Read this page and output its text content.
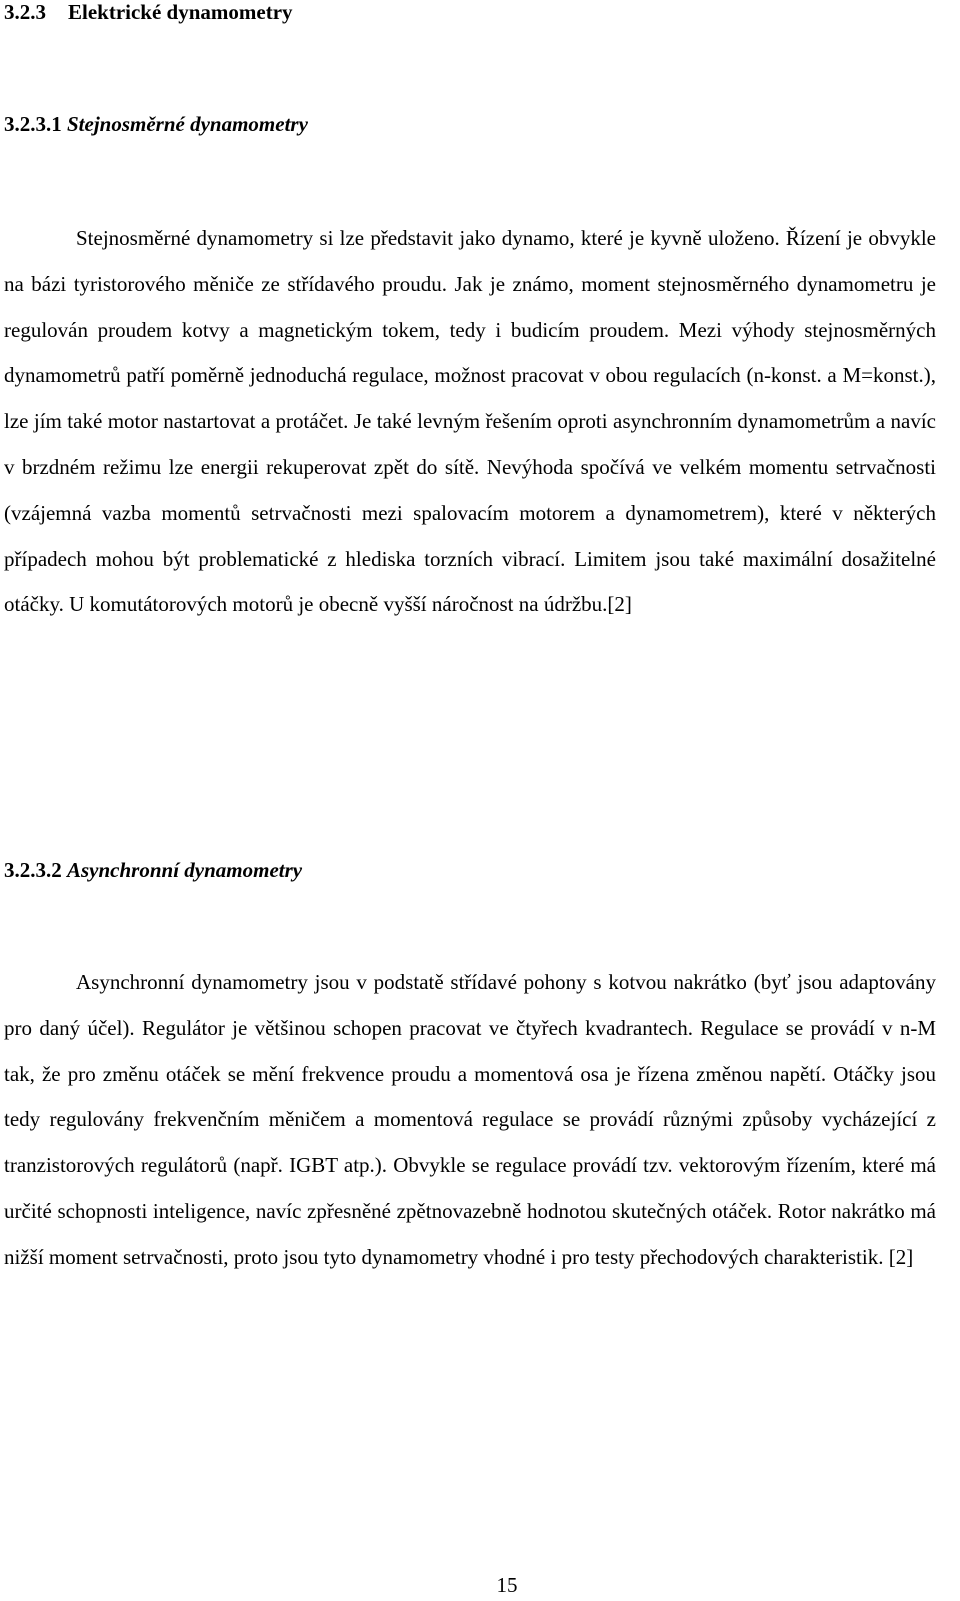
3.2.3 Elektrické dynamometry
3.2.3.1 Stejnosměrné dynamometry

Stejnosměrné dynamometry si lze představit jako dynamo, které je kyvně uloženo. Řízení je obvykle na bázi tyristorového měniče ze střídavého proudu. Jak je známo, moment stejnosměrného dynamometru je regulován proudem kotvy a magnetickým tokem, tedy i budicím proudem. Mezi výhody stejnosměrných dynamometrů patří poměrně jednoduchá regulace, možnost pracovat v obou regulacích (n-konst. a M=konst.), lze jím také motor nastartovat a protáčet. Je také levným řešením oproti asynchronním dynamometrům a navíc v brzdném režimu lze energii rekuperovat zpět do sítě. Nevýhoda spočívá ve velkém momentu setrvačnosti (vzájemná vazba momentů setrvačnosti mezi spalovacím motorem a dynamometrem), které v některých případech mohou být problematické z hlediska torzních vibrací. Limitem jsou také maximální dosažitelné otáčky. U komutátorových motorů je obecně vyšší náročnost na údržbu.[2]

3.2.3.2 Asynchronní dynamometry

Asynchronní dynamometry jsou v podstatě střídavé pohony s kotvou nakrátko (byť jsou adaptovány pro daný účel). Regulátor je většinou schopen pracovat ve čtyřech kvadrantech. Regulace se provádí v n-M tak, že pro změnu otáček se mění frekvence proudu a momentová osa je řízena změnou napětí. Otáčky jsou tedy regulovány frekvenčním měničem a momentová regulace se provádí různými způsoby vycházející z tranzistorových regulátorů (např. IGBT atp.). Obvykle se regulace provádí tzv. vektorovým řízením, které má určité schopnosti inteligence, navíc zpřesněné zpětnovazebně hodnotou skutečných otáček. Rotor nakrátko má nižší moment setrvačnosti, proto jsou tyto dynamometry vhodné i pro testy přechodových charakteristik. [2]

15
